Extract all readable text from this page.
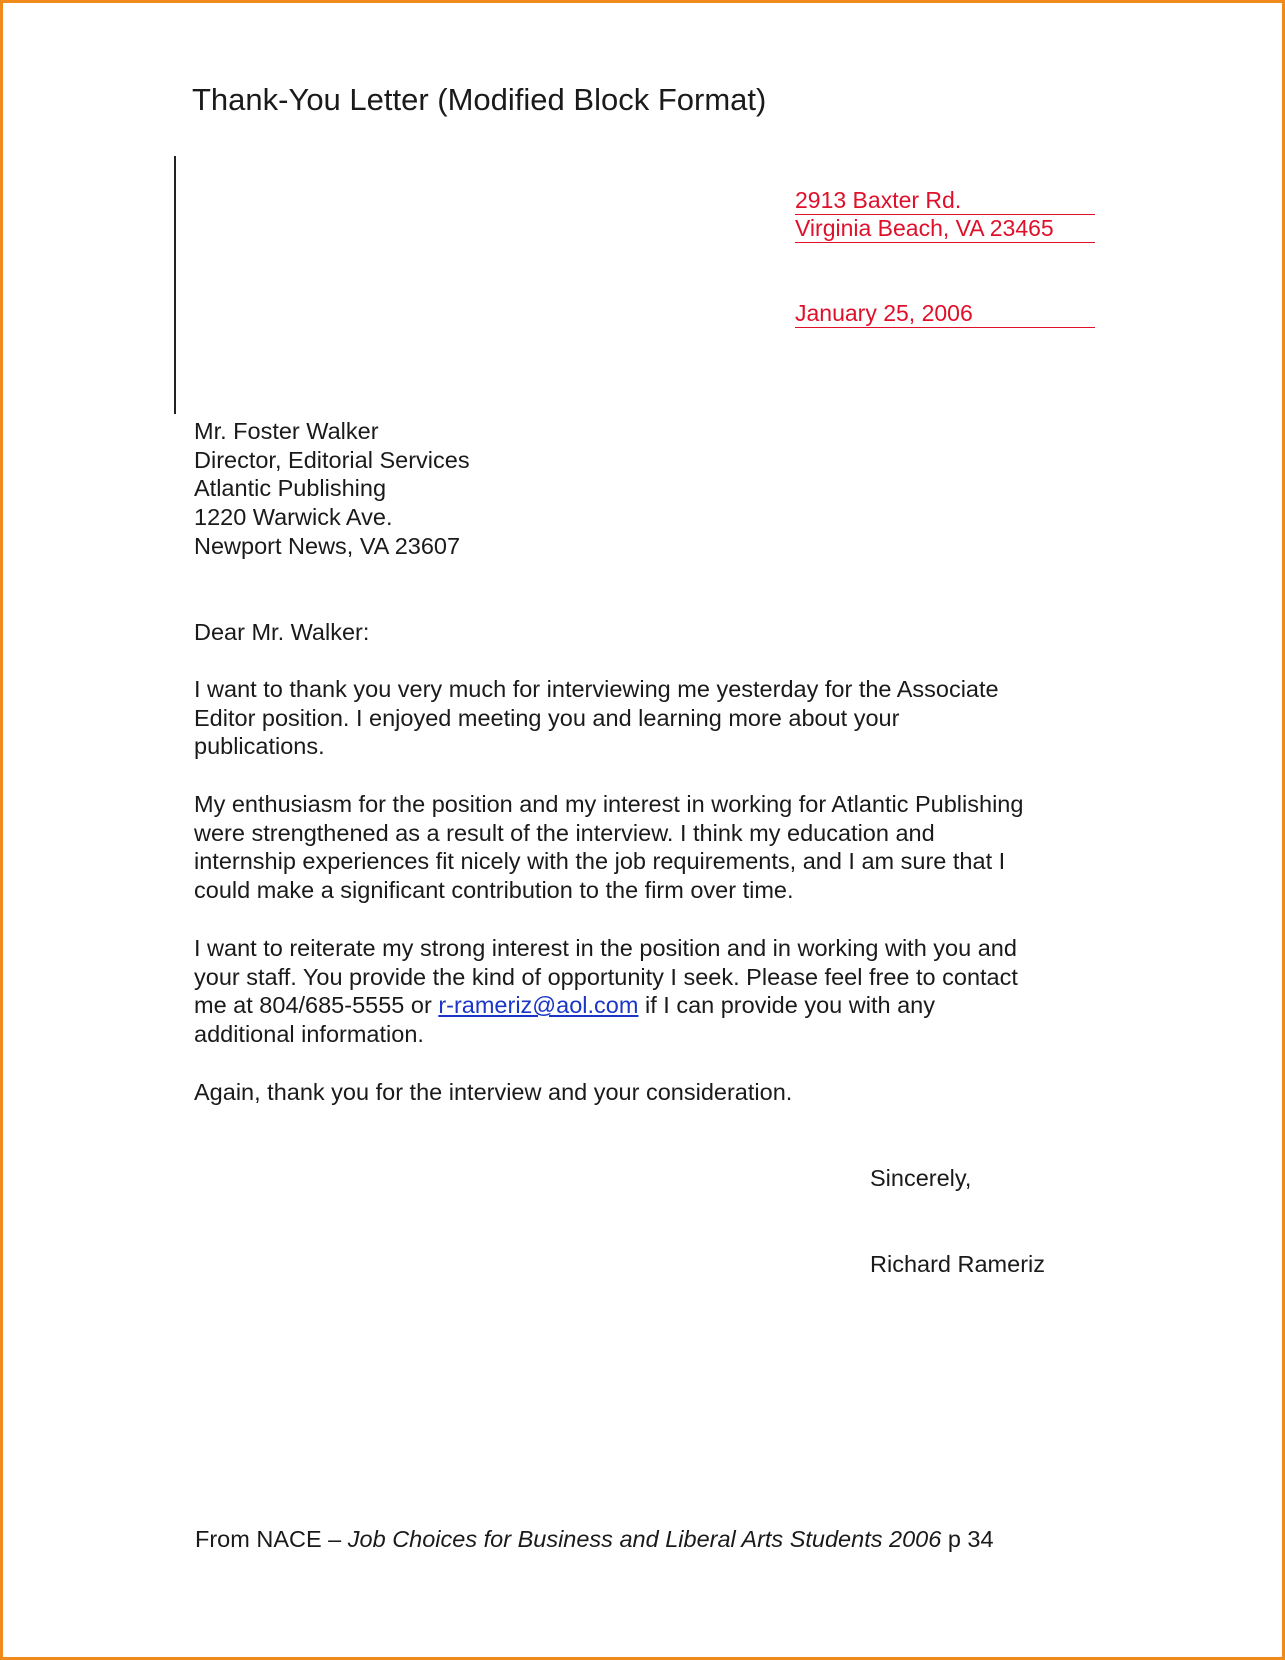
Thank-You Letter (Modified Block Format)
2913 Baxter Rd.
Virginia Beach, VA 23465
January 25, 2006
Mr. Foster Walker
Director, Editorial Services
Atlantic Publishing
1220 Warwick Ave.
Newport News, VA 23607
Dear Mr. Walker:
I want to thank you very much for interviewing me yesterday for the Associate
Editor position. I enjoyed meeting you and learning more about your
publications.
My enthusiasm for the position and my interest in working for Atlantic Publishing
were strengthened as a result of the interview. I think my education and
internship experiences fit nicely with the job requirements, and I am sure that I
could make a significant contribution to the firm over time.
I want to reiterate my strong interest in the position and in working with you and
your staff. You provide the kind of opportunity I seek. Please feel free to contact
me at 804/685-5555 or r-rameriz@aol.com if I can provide you with any
additional information.
Again, thank you for the interview and your consideration.
Sincerely,
Richard Rameriz
From NACE – Job Choices for Business and Liberal Arts Students 2006 p 34
